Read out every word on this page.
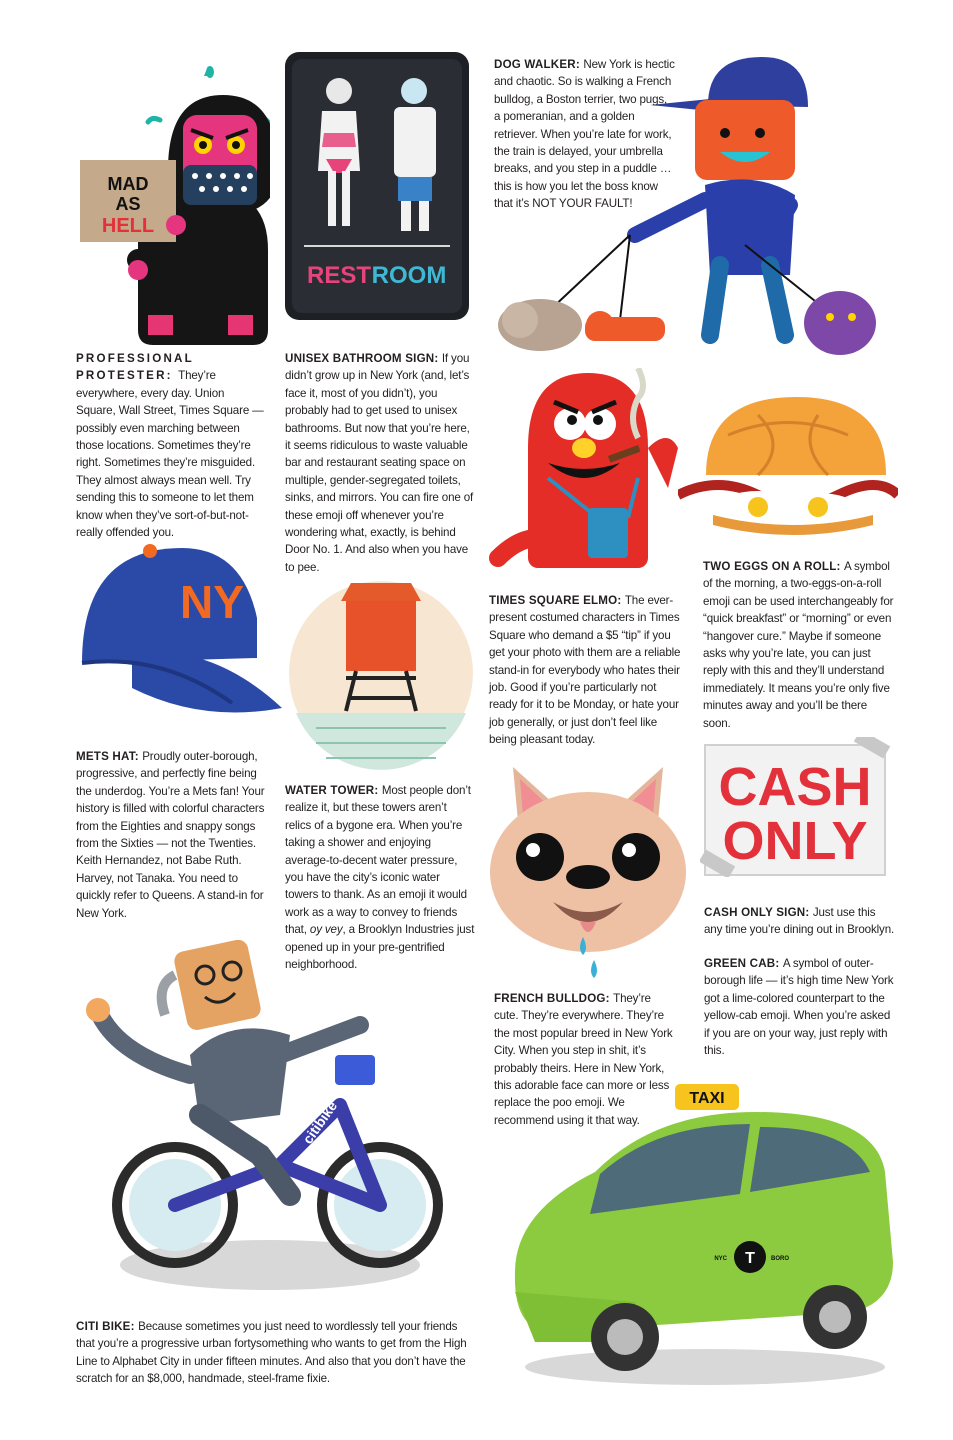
MAD
AS
HELL
REST ROOM
NY
CASH
ONLY
citibike	TAXI
T
NYC	BORO
PROFESSIONAL PROTESTER: They’re everywhere, every day. Union Square, Wall Street, Times Square — possibly even marching between those locations. Sometimes they’re right. Sometimes they’re misguided. They almost always mean well. Try sending this to someone to let them know when they’ve sort-of-but-not-really offended you.
UNISEX BATHROOM SIGN: If you didn’t grow up in New York (and, let’s face it, most of you didn’t), you probably had to get used to unisex bathrooms. But now that you’re here, it seems ridiculous to waste valuable bar and restaurant seating space on multiple, gender-segregated toilets, sinks, and mirrors. You can fire one of these emoji off whenever you’re wondering what, exactly, is behind Door No. 1. And also when you have to pee.
DOG WALKER: New York is hectic and chaotic. So is walking a French bulldog, a Boston terrier, two pugs, a pomeranian, and a golden retriever. When you’re late for work, the train is delayed, your umbrella breaks, and you step in a puddle …this is how you let the boss know that it’s NOT YOUR FAULT!
TIMES SQUARE ELMO: The ever-present costumed characters in Times Square who demand a $5 “tip” if you get your photo with them are a reliable stand-in for everybody who hates their job. Good if you’re particularly not ready for it to be Monday, or hate your job generally, or just don’t feel like being pleasant today.
TWO EGGS ON A ROLL: A symbol of the morning, a two-eggs-on-a-roll emoji can be used interchangeably for “quick breakfast” or “morning” or even “hangover cure.” Maybe if someone asks why you’re late, you can just reply with this and they’ll understand immediately. It means you’re only five minutes away and you’ll be there soon.
METS HAT: Proudly outer-borough, progressive, and perfectly fine being the underdog. You’re a Mets fan! Your history is filled with colorful characters from the Eighties and snappy songs from the Sixties — not the Twenties. Keith Hernandez, not Babe Ruth. Harvey, not Tanaka. You need to quickly refer to Queens. A stand-in for New York.
WATER TOWER: Most people don’t realize it, but these towers aren’t relics of a bygone era. When you’re taking a shower and enjoying average-to-decent water pressure, you have the city’s iconic water towers to thank. As an emoji it would work as a way to convey to friends that, oy vey, a Brooklyn Industries just opened up in your pre-gentrified neighborhood.
CASH ONLY SIGN: Just use this any time you’re dining out in Brooklyn.
GREEN CAB: A symbol of outer-borough life — it’s high time New York got a lime-colored counterpart to the yellow-cab emoji. When you’re asked if you are on your way, just reply with this.
FRENCH BULLDOG: They’re cute. They’re everywhere. They’re the most popular breed in New York City. When you step in shit, it’s probably theirs. Here in New York, this adorable face can more or less replace the poo emoji. We recommend using it that way.
CITI BIKE: Because sometimes you just need to wordlessly tell your friends that you’re a progressive urban fortysomething who wants to get from the High Line to Alphabet City in under fifteen minutes. And also that you don’t have the scratch for an $8,000, handmade, steel-frame fixie.
